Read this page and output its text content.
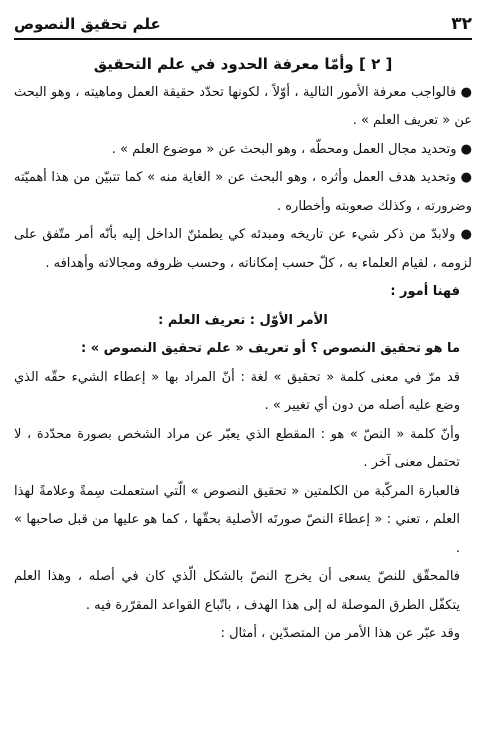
٣٢
علم تحقيق النصوص

[ ٢ ] وأمّا معرفة الحدود في علم التحقيق

● فالواجب معرفة الأمور التالية ، أوّلاً ، لكونها تحدّد حقيقة العمل وماهيته ، وهو البحث عن « تعريف العلم » .

● وتحديد مجال العمل ومحطّه ، وهو البحث عن « موضوع العلم » .

● وتحديد هدف العمل وأثره ، وهو البحث عن « الغاية منه » كما تتبيّن من هذا أهميّته وضرورته ، وكذلك صعوبته وأخطاره .

● ولابدّ من ذكر شيء عن تاريخه ومبدئه كي يطمئنّ الداخل إليه بأنّه أمر متّفق على لزومه ، لقيام العلماء به ، كلّ حسب إمكاناته ، وحسب ظروفه ومجالاته وأهدافه .

فهنا أمور :

الأمر الأوّل : تعريف العلم :

ما هو تحقيق النصوص ؟ أو تعريف « علم تحقيق النصوص » :

قد مرّ في معنى كلمة « تحقيق » لغة : أنّ المراد بها « إعطاء الشيء حقّه الذي وضع عليه أصله من دون أي تغيير » .

وأنّ كلمة « النصّ » هو : المقطع الذي يعبّر عن مراد الشخص بصورة محدّدة ، لا تحتمل معنى آخر .

فالعبارة المركّبة من الكلمتين « تحقيق النصوص » الّتي استعملت سِمةً وعلامةً لهذا العلم ، تعني : « إعطاءَ النصّ صورتَه الأصلية بحقّها ، كما هو عليها من قبل صاحبها » .

فالمحقّق للنصّ يسعى أن يخرج النصّ بالشكل الّذي كان في أصله ، وهذا العلم يتكفّل الطرق الموصلة له إلى هذا الهدف ، باتّباع القواعد المقرّرة فيه .

وقد عبّر عن هذا الأمر من المتصدّين ، أمثال :
